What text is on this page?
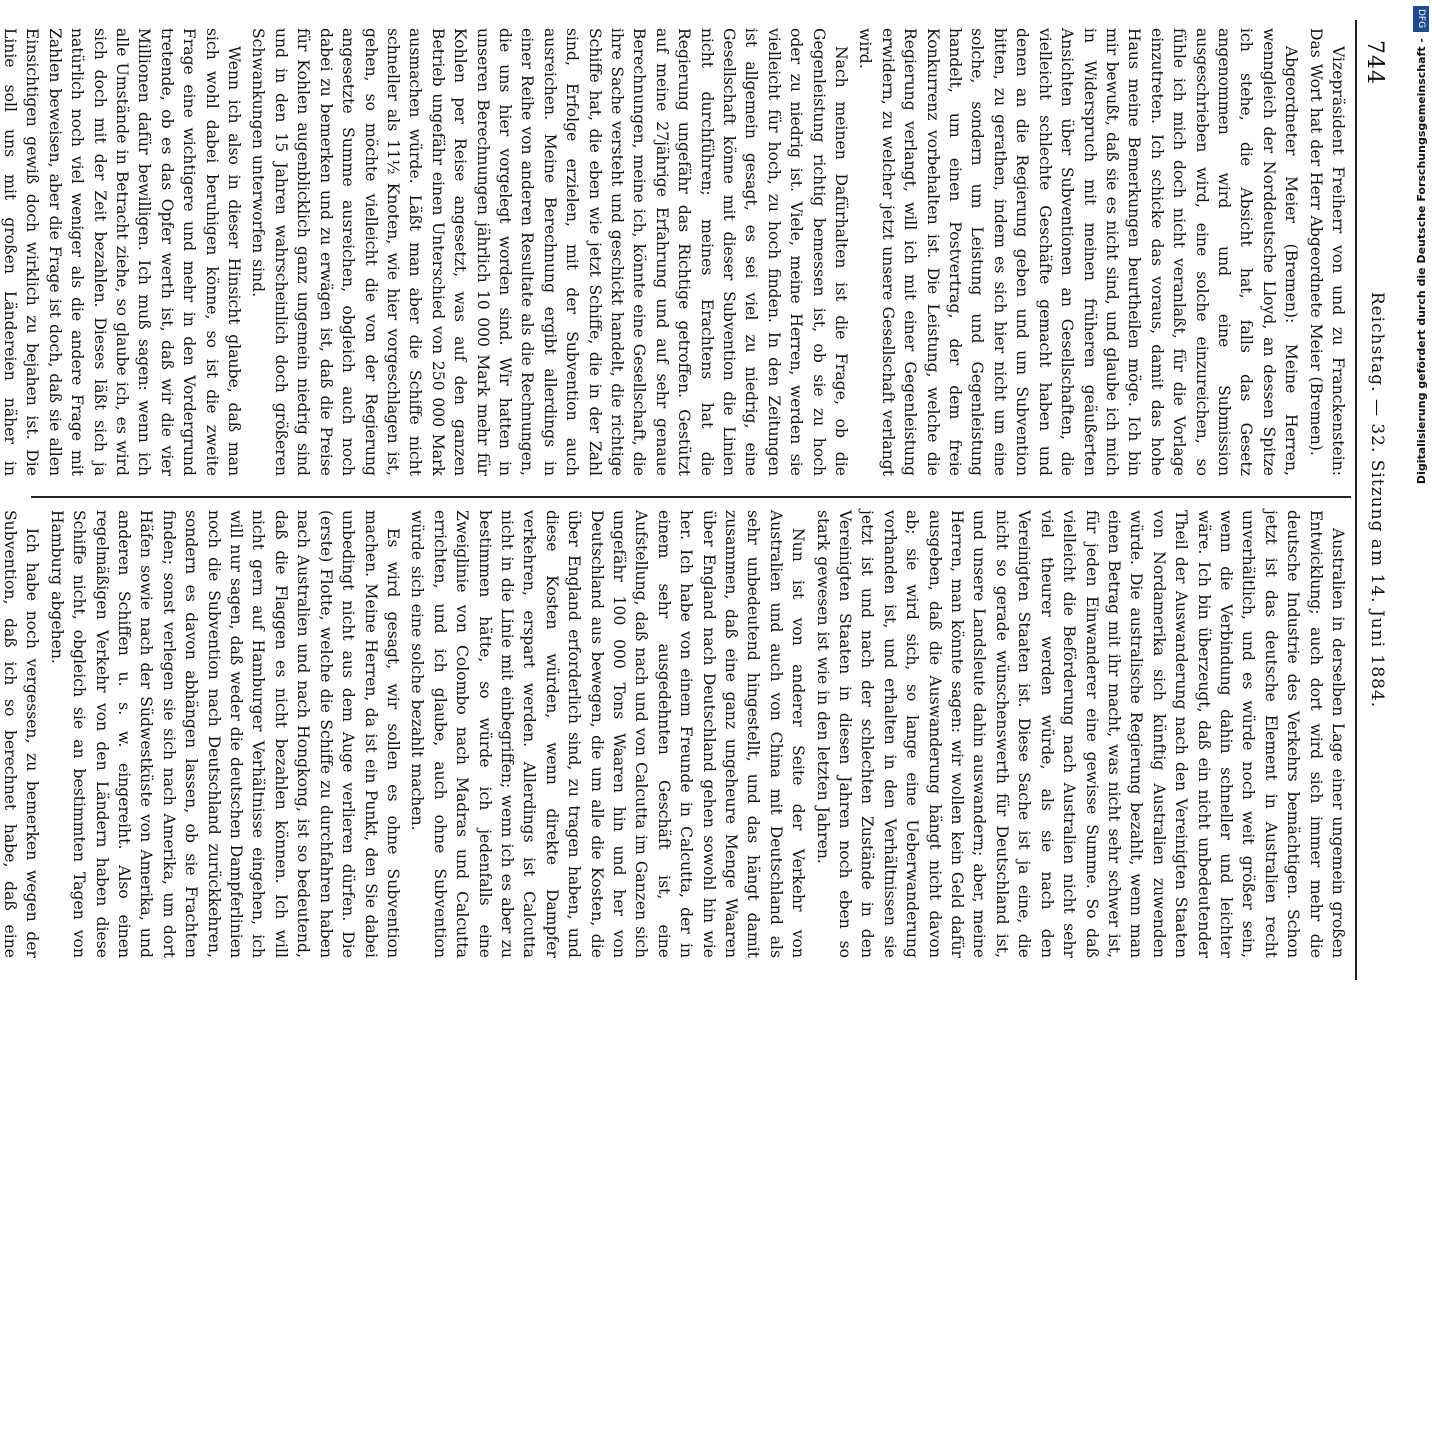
744
Reichstag. — 32. Sitzung am 14. Juni 1884.

Vizepräsident Freiherr von und zu Franckenstein: Das Wort hat der Herr Abgeordnete Meier (Bremen).

Abgeordneter Meier (Bremen): Meine Herren, wenngleich der Norddeutsche Lloyd, an dessen Spitze ich stehe, die Absicht hat, falls das Gesetz angenommen wird und eine Submission ausgeschrieben wird, eine solche einzureichen, so fühle ich mich doch nicht veranlaßt, für die Vorlage einzutreten. Ich schicke das voraus, damit das hohe Haus meine Bemerkungen beurtheilen möge. Ich bin mir bewußt, daß sie es nicht sind, und glaube ich mich in Widerspruch mit meinen früheren geäußerten Ansichten über Subventionen an Gesellschaften, die vielleicht schlechte Geschäfte gemacht haben und denen an die Regierung geben und um Subvention bitten, zu gerathen, indem es sich hier nicht um eine solche, sondern um Leistung und Gegenleistung handelt, um einen Postvertrag, der dem freie Konkurrenz vorbehalten ist. Die Leistung, welche die Regierung verlangt, will ich mit einer Gegenleistung erwidern, zu welcher jetzt unsere Gesellschaft verlangt wird.

Nach meinen Dafürhalten ist die Frage, ob die Gegenleistung richtig bemessen ist, ob sie zu hoch oder zu niedrig ist. Viele, meine Herren, werden sie vielleicht für hoch, zu hoch finden. In den Zeitungen ist allgemein gesagt, es sei viel zu niedrig, eine Gesellschaft könne mit dieser Subvention die Linien nicht durchführen; meines Erachtens hat die Regierung ungefähr das Richtige getroffen. Gestützt auf meine 27jährige Erfahrung und auf sehr genaue Berechnungen, meine ich, könnte eine Gesellschaft, die ihre Sache versteht und geschickt handelt, die richtige Schiffe hat, die eben wie jetzt Schiffe, die in der Zahl sind, Erfolge erzielen, mit der Subvention auch ausreichen. Meine Berechnung ergibt allerdings in einer Reihe von anderen Resultate als die Rechnungen, die uns hier vorgelegt worden sind. Wir hatten in unseren Berechnungen jährlich 10 000 Mark mehr für Kohlen per Reise angesetzt, was auf den ganzen Betrieb ungefähr einen Unterschied von 250 000 Mark ausmachen würde. Läßt man aber die Schiffe nicht schneller als 11½ Knoten, wie hier vorgeschlagen ist, gehen, so möchte vielleicht die von der Regierung angesetzte Summe ausreichen, obgleich auch noch dabei zu bemerken und zu erwägen ist, daß die Preise für Kohlen augenblicklich ganz ungemein niedrig sind und in den 15 Jahren wahrscheinlich doch größeren Schwankungen unterworfen sind.

Wenn ich also in dieser Hinsicht glaube, daß man sich wohl dabei beruhigen könne, so ist die zweite Frage eine wichtigere und mehr in den Vordergrund tretende, ob es das Opfer werth ist, daß wir die vier Millionen dafür bewilligen. Ich muß sagen: wenn ich alle Umstände in Betracht ziehe, so glaube ich, es wird sich doch mit der Zeit bezahlen. Dieses läßt sich ja natürlich noch viel weniger als die andere Frage mit Zahlen beweisen, aber die Frage ist doch, daß sie allen Einsichtigen gewiß doch wirklich zu bejahen ist. Die Linie soll uns mit großen Ländereien näher in

Australien in derselben Lage einer ungemein großen Entwicklung; auch dort wird sich immer mehr die deutsche Industrie des Verkehrs bemächtigen. Schon jetzt ist das deutsche Element in Australien recht unverhältlich, und es würde noch weit größer sein, wenn die Verbindung dahin schneller und leichter wäre. Ich bin überzeugt, daß ein nicht unbedeutender Theil der Auswanderung nach den Vereinigten Staaten von Nordamerika sich künftig Australien zuwenden würde. Die australische Regierung bezahlt, wenn man einen Betrag mit ihr macht, was nicht sehr schwer ist, für jeden Einwanderer eine gewisse Summe. So daß vielleicht die Beförderung nach Australien nicht sehr viel theurer werden würde, als sie nach den Vereinigten Staaten ist. Diese Sache ist ja eine, die nicht so gerade wünschenswerth für Deutschland ist, und unsere Landsleute dahin auswandern; aber, meine Herren, man könnte sagen: wir wollen kein Geld dafür ausgeben, daß die Auswanderung hängt nicht davon ab; sie wird sich, so lange eine Ueberwanderung vorhanden ist, und erhalten in den Verhältnissen sie jetzt ist und nach der schlechten Zustände in den Vereinigten Staaten in diesen Jahren noch eben so stark gewesen ist wie in den letzten Jahren.

Nun ist von anderer Seite der Verkehr von Australien und auch von China mit Deutschland als sehr unbedeutend hingestellt, und das hängt damit zusammen, daß eine ganz ungeheure Menge Waaren über England nach Deutschland gehen sowohl hin wie her. Ich habe von einem Freunde in Calcutta, der in einem sehr ausgedehnten Geschäft ist, eine Aufstellung, daß nach und von Calcutta im Ganzen sich ungefähr 100 000 Tons Waaren hin und her von Deutschland aus bewegen, die um alle die Kosten, die über England erforderlich sind, zu tragen haben, und diese Kosten würden, wenn direkte Dampfer verkehren, erspart werden. Allerdings ist Calcutta nicht in die Linie mit einbegriffen; wenn ich es aber zu bestimmen hätte, so würde ich jedenfalls eine Zweiglinie von Colombo nach Madras und Calcutta errichten, und ich glaube, auch ohne Subvention würde sich eine solche bezahlt machen.

Es wird gesagt, wir sollen es ohne Subvention machen. Meine Herren, da ist ein Punkt, den Sie dabei unbedingt nicht aus dem Auge verlieren dürfen. Die (erste) Flotte, welche die Schiffe zu durchfahren haben nach Australien und nach Hongkong, ist so bedeutend, daß die Flaggen es nicht bezahlen können. Ich will nicht gern auf Hamburger Verhältnisse eingehen, ich will nur sagen, daß weder die deutschen Dampferlinien noch die Subvention nach Deutschland zurückkehren, sondern es davon abhängen lassen, ob sie Frachten finden; sonst verlegen sie sich nach Amerika, um dort Häfen sowie nach der Südwestküste von Amerika, und anderen Schiffen u. s. w. eingereiht. Also einen regelmäßigen Verkehr von den Ländern haben diese Schiffe nicht, obgleich sie an bestimmten Tagen von Hamburg abgehen.

Ich habe noch vergessen, zu bemerken wegen der Subvention, daß ich so berechnet habe, daß eine

DFG
Digitalisierung gefördert durch die Deutsche Forschungsgemeinschaft -
